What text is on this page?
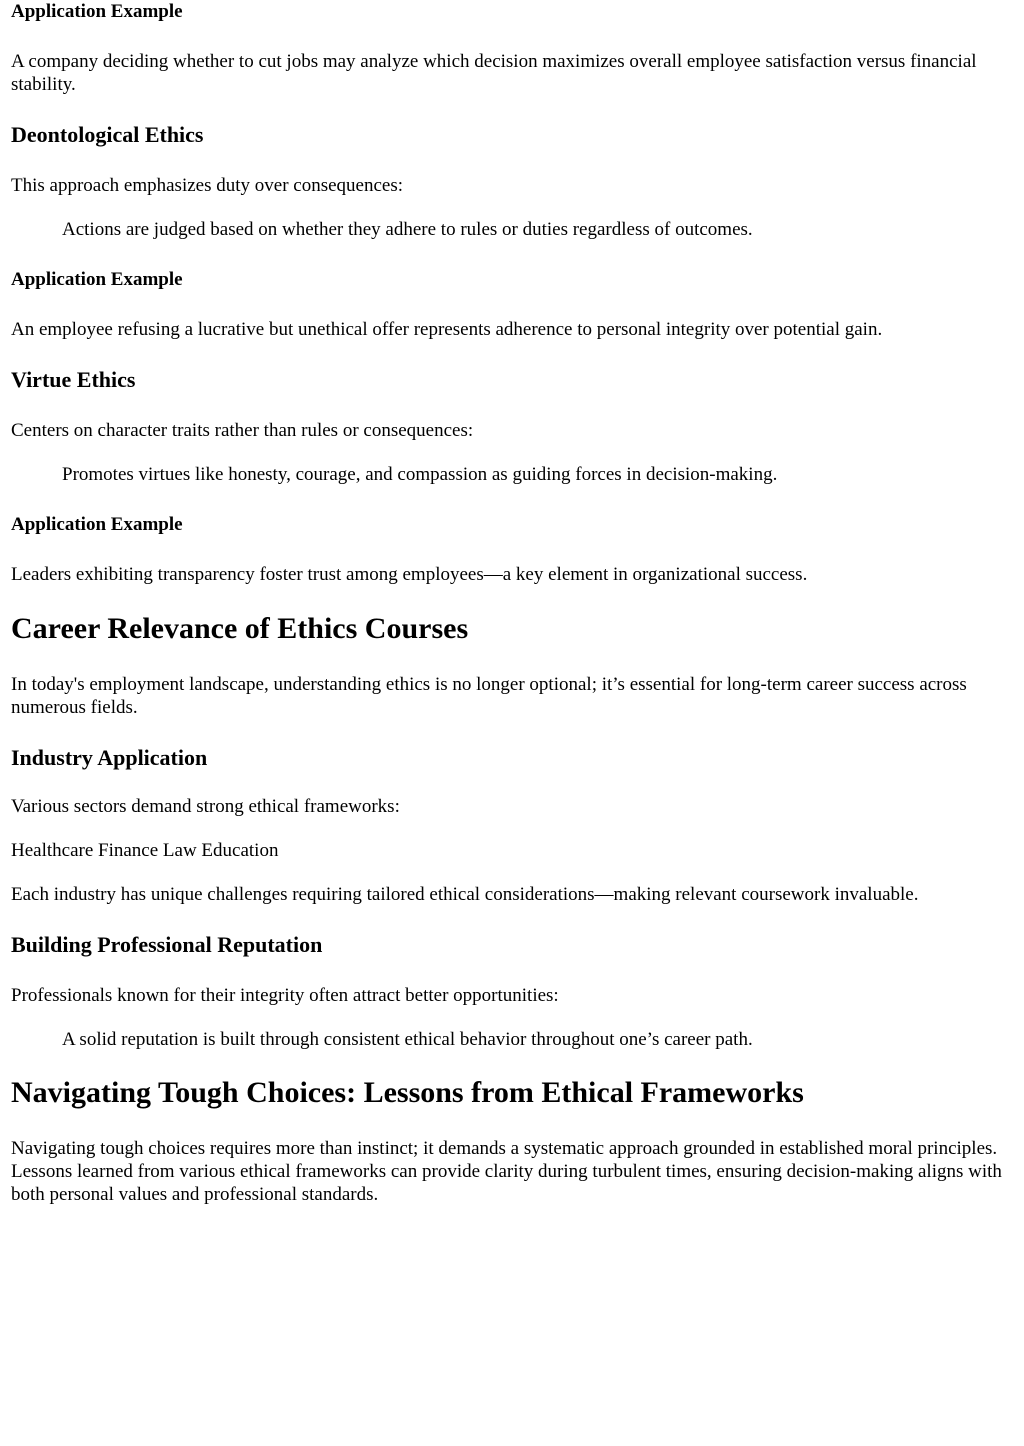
Application Example

A company deciding whether to cut jobs may analyze which decision maximizes overall employee satisfaction versus financial stability.

Deontological Ethics

This approach emphasizes duty over consequences:

Actions are judged based on whether they adhere to rules or duties regardless of outcomes.
Application Example

An employee refusing a lucrative but unethical offer represents adherence to personal integrity over potential gain.

Virtue Ethics

Centers on character traits rather than rules or consequences:

Promotes virtues like honesty, courage, and compassion as guiding forces in decision-making.
Application Example

Leaders exhibiting transparency foster trust among employees—a key element in organizational success.

Career Relevance of Ethics Courses

In today's employment landscape, understanding ethics is no longer optional; it’s essential for long-term career success across numerous fields.

Industry Application

Various sectors demand strong ethical frameworks:

Healthcare Finance Law Education

Each industry has unique challenges requiring tailored ethical considerations—making relevant coursework invaluable.

Building Professional Reputation

Professionals known for their integrity often attract better opportunities:

A solid reputation is built through consistent ethical behavior throughout one’s career path.
Navigating Tough Choices: Lessons from Ethical Frameworks

Navigating tough choices requires more than instinct; it demands a systematic approach grounded in established moral principles. Lessons learned from various ethical frameworks can provide clarity during turbulent times, ensuring decision-making aligns with both personal values and professional standards.
